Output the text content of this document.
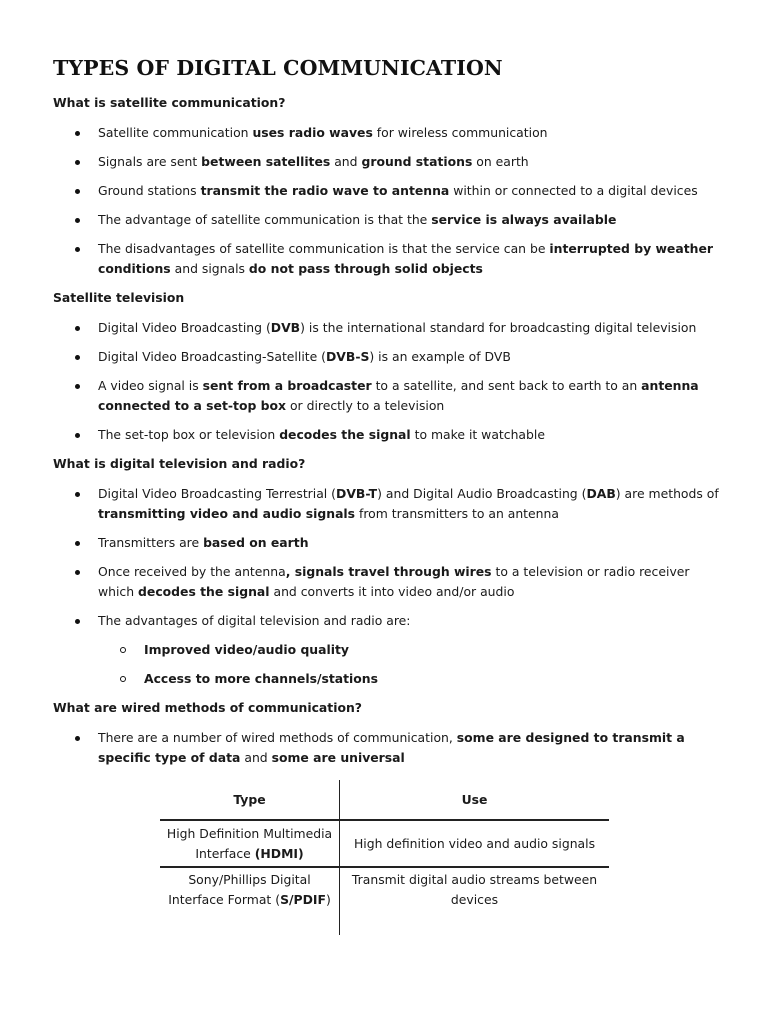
TYPES OF DIGITAL COMMUNICATION
What is satellite communication?
Satellite communication uses radio waves for wireless communication
Signals are sent between satellites and ground stations on earth
Ground stations transmit the radio wave to antenna within or connected to a digital devices
The advantage of satellite communication is that the service is always available
The disadvantages of satellite communication is that the service can be interrupted by weather conditions and signals do not pass through solid objects
Satellite television
Digital Video Broadcasting (DVB) is the international standard for broadcasting digital television
Digital Video Broadcasting-Satellite (DVB-S) is an example of DVB
A video signal is sent from a broadcaster to a satellite, and sent back to earth to an antenna connected to a set-top box or directly to a television
The set-top box or television decodes the signal to make it watchable
What is digital television and radio?
Digital Video Broadcasting Terrestrial (DVB-T) and Digital Audio Broadcasting (DAB) are methods of transmitting video and audio signals from transmitters to an antenna
Transmitters are based on earth
Once received by the antenna, signals travel through wires to a television or radio receiver which decodes the signal and converts it into video and/or audio
The advantages of digital television and radio are:
Improved video/audio quality
Access to more channels/stations
What are wired methods of communication?
There are a number of wired methods of communication, some are designed to transmit a specific type of data and some are universal
Type	Use
High Definition Multimedia Interface (HDMI)	High definition video and audio signals
Sony/Phillips Digital Interface Format (S/PDIF)	Transmit digital audio streams between devices
